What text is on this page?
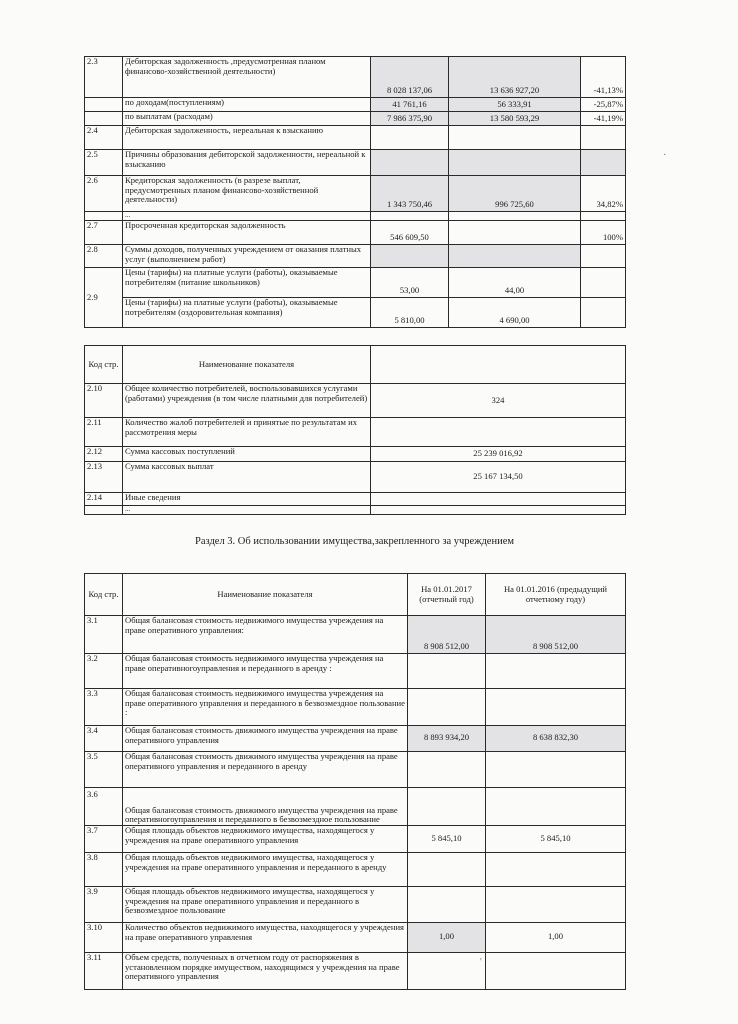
2.3	Дебиторская задолженность ,предусмотренная планом финансово-хозяйственной деятельности)	8 028 137,06	13 636 927,20	-41,13%
	по доходам(поступлениям)	41 761,16	56 333,91	-25,87%
	по выплатам (расходам)	7 986 375,90	13 580 593,29	-41,19%
2.4	Дебиторская задолженность, нереальная к взысканию			
2.5	Причины образования дебиторской задолженности, нереальной к взысканию			
2.6	Кредиторская задолженность (в разрезе выплат, предусмотренных планом финансово-хозяйственной деятельности)	1 343 750,46	996 725,60	34,82%
	...			
2.7	Просроченная кредиторская задолженность	546 609,50		100%
2.8	Суммы доходов, полученных учреждением от оказания платных услуг (выполнением работ)			
2.9	Цены (тарифы) на платные услуги (работы), оказываемые потребителям (питание школьников)	53,00	44,00	
	Цены (тарифы) на платные услуги (работы), оказываемые потребителям (оздоровительная компания)	5 810,00	4 690,00	
Код стр.	Наименование показателя	
2.10	Общее количество потребителей, воспользовавшихся услугами (работами) учреждения (в том числе платными для потребителей)	324
2.11	Количество жалоб потребителей и принятые по результатам их рассмотрения меры	
2.12	Сумма кассовых поступлений	25 239 016,92
2.13	Сумма кассовых выплат	25 167 134,50
2.14	Иные сведения	
	...	
Раздел 3. Об использовании имущества,закрепленного за учреждением
Код стр.	Наименование показателя	На 01.01.2017 (отчетный год)	На 01.01.2016 (предыдущий отчетному году)
3.1	Общая балансовая стоимость недвижимого имущества учреждения на праве оперативного управления:	8 908 512,00	8 908 512,00
3.2	Общая балансовая стоимость недвижимого имущества учреждения на праве оперативногоуправления и переданного в аренду :		
3.3	Общая балансовая стоимость недвижимого имущества учреждения на праве оперативного управления и переданного в безвозмездное пользование :		
3.4	Общая балансовая стоимость движимого имущества учреждения на праве оперативного управления	8 893 934,20	8 638 832,30
3.5	Общая балансовая стоимость движимого имущества учреждения на праве оперативного управления и переданного в аренду		
3.6	Общая балансовая стоимость движимого имущества учреждения на праве оперативногоуправления и переданного в безвозмездное пользование		
3.7	Общая площадь объектов недвижимого имущества, находящегося у учреждения на праве оперативного управления	5 845,10	5 845,10
3.8	Общая площадь объектов недвижимого имущества, находящегося у учреждения на праве оперативного управления и переданного в аренду		
3.9	Общая площадь объектов недвижимого имущества, находящегося у учреждения на праве оперативного управления и переданного в безвозмездное пользование		
3.10	Количество объектов недвижимого имущества, находящегося у учреждения на праве оперативного управления	1,00	1,00
3.11	Объем средств, полученных в отчетном году от распоряжения в установленном порядке имуществом, находящимся у учреждения на праве оперативного управления		
·
'
